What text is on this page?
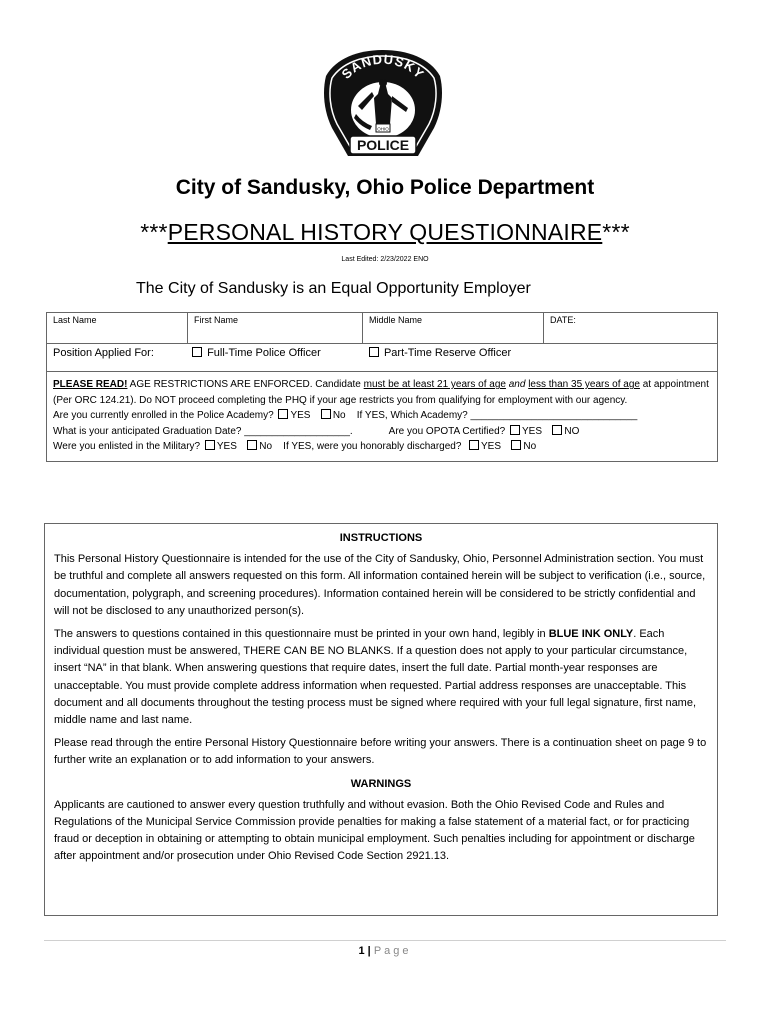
SANDUSKY
OHIO
POLICE
City of Sandusky, Ohio Police Department
***PERSONAL HISTORY QUESTIONNAIRE***
Last Edited: 2/23/2022 ENO
The City of Sandusky is an Equal Opportunity Employer
Last Name	First Name	Middle Name	DATE:
Position Applied For:	Full-Time Police Officer	Part-Time Reserve Officer

PLEASE READ! AGE RESTRICTIONS ARE ENFORCED. Candidate must be at least 21 years of age and less than 35 years of age at appointment (Per ORC 124.21). Do NOT proceed completing the PHQ if your age restricts you from qualifying for employment with our agency.
Are you currently enrolled in the Police Academy? YES No If YES, Which Academy? ______________________________
What is your anticipated Graduation Date? ___________________.	Are you OPOTA Certified? YES NO
Were you enlisted in the Military? YES No If YES, were you honorably discharged? YES No

INSTRUCTIONS

This Personal History Questionnaire is intended for the use of the City of Sandusky, Ohio, Personnel Administration section. You must be truthful and complete all answers requested on this form. All information contained herein will be subject to verification (i.e., source, documentation, polygraph, and screening procedures). Information contained herein will be considered to be strictly confidential and will not be disclosed to any unauthorized person(s).

The answers to questions contained in this questionnaire must be printed in your own hand, legibly in BLUE INK ONLY. Each individual question must be answered, THERE CAN BE NO BLANKS. If a question does not apply to your particular circumstance, insert “NA” in that blank. When answering questions that require dates, insert the full date. Partial month-year responses are unacceptable. You must provide complete address information when requested. Partial address responses are unacceptable. This document and all documents throughout the testing process must be signed where required with your full legal signature, first name, middle name and last name.

Please read through the entire Personal History Questionnaire before writing your answers. There is a continuation sheet on page 9 to further write an explanation or to add information to your answers.

WARNINGS

Applicants are cautioned to answer every question truthfully and without evasion. Both the Ohio Revised Code and Rules and Regulations of the Municipal Service Commission provide penalties for making a false statement of a material fact, or for practicing fraud or deception in obtaining or attempting to obtain municipal employment. Such penalties including for appointment or discharge after appointment and/or prosecution under Ohio Revised Code Section 2921.13.

1 | Page
